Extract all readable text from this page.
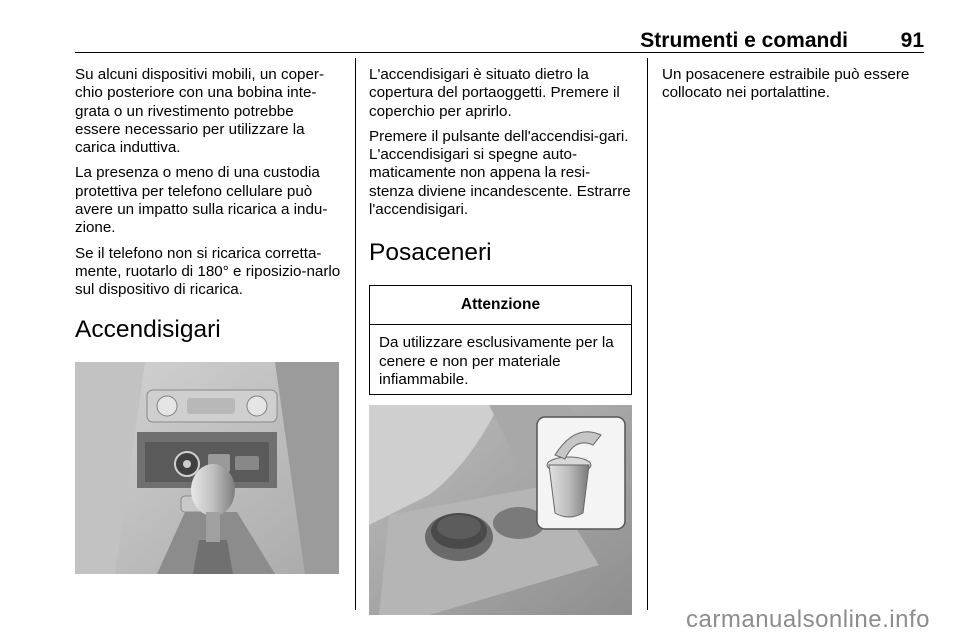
Strumenti e comandi	91

Su alcuni dispositivi mobili, un coper-chio posteriore con una bobina inte-grata o un rivestimento potrebbe essere necessario per utilizzare la carica induttiva.

La presenza o meno di una custodia protettiva per telefono cellulare può avere un impatto sulla ricarica a indu-zione.

Se il telefono non si ricarica corretta-mente, ruotarlo di 180° e riposizio-narlo sul dispositivo di ricarica.

Accendisigari

L'accendisigari è situato dietro la copertura del portaoggetti. Premere il coperchio per aprirlo.

Premere il pulsante dell'accendisi-gari. L'accendisigari si spegne auto-maticamente non appena la resi-stenza diviene incandescente. Estrarre l'accendisigari.

Posaceneri
Attenzione
Da utilizzare esclusivamente per la cenere e non per materiale infiammabile.

Un posacenere estraibile può essere collocato nei portalattine.

carmanualsonline.info
